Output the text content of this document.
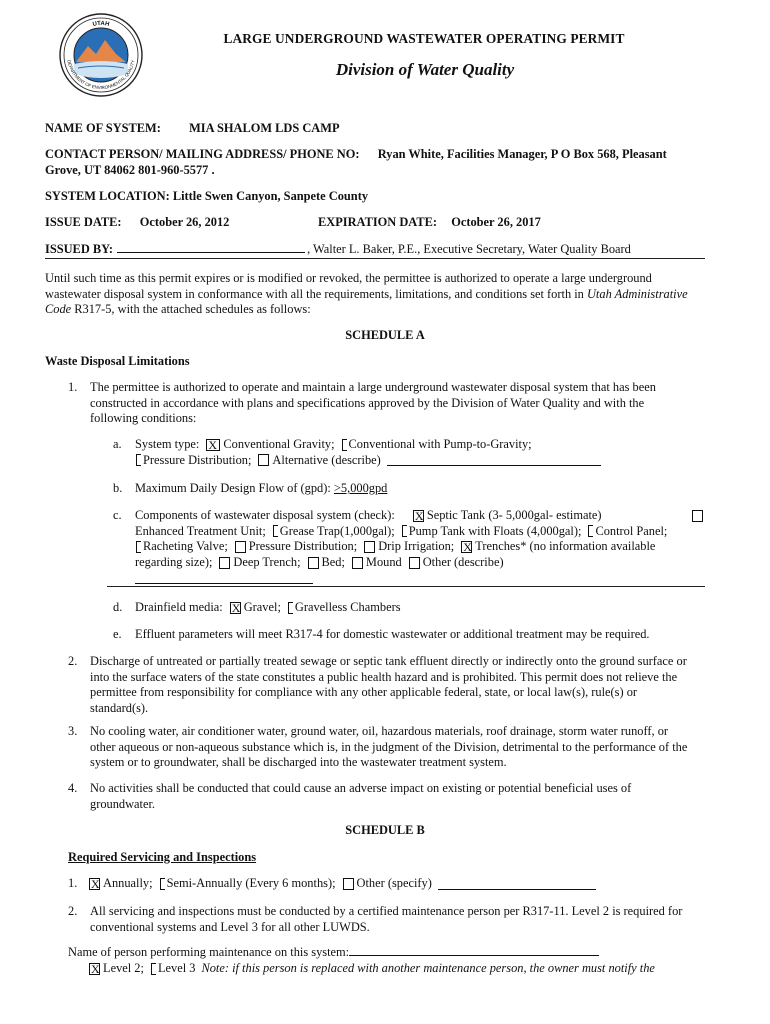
UTAH
DEPARTMENT OF ENVIRONMENTAL QUALITY
LARGE UNDERGROUND WASTEWATER OPERATING PERMIT
Division of Water Quality
NAME OF SYSTEM: MIA SHALOM LDS CAMP
CONTACT PERSON/ MAILING ADDRESS/ PHONE NO: Ryan White, Facilities Manager, P O Box 568, Pleasant
Grove, UT 84062 801-960-5577 .
SYSTEM LOCATION: Little Swen Canyon, Sanpete County
ISSUE DATE: October 26, 2012	EXPIRATION DATE: October 26, 2017
ISSUED BY:	, Walter L. Baker, P.E., Executive Secretary, Water Quality Board
Until such time as this permit expires or is modified or revoked, the permittee is authorized to operate a large underground
wastewater disposal system in conformance with all the requirements, limitations, and conditions set forth in Utah Administrative
Code R317-5, with the attached schedules as follows:
SCHEDULE A
Waste Disposal Limitations
1. The permittee is authorized to operate and maintain a large underground wastewater disposal system that has been
constructed in accordance with plans and specifications approved by the Division of Water Quality and with the
following conditions:
a. System type: X Conventional Gravity; Conventional with Pump-to-Gravity;
Pressure Distribution; Alternative (describe)
b. Maximum Daily Design Flow of (gpd): >5,000gpd
c. Components of wastewater disposal system (check): X	Septic Tank (3- 5,000gal- estimate)
Enhanced Treatment Unit; Grease Trap(1,000gal); Pump Tank with Floats (4,000gal); Control Panel;
Racheting Valve; Pressure Distribution; Drip Irrigation; X Trenches* (no information available
regarding size); Deep Trench; Bed; Mound Other (describe)
d. Drainfield media: X Gravel; Gravelless Chambers
e. Effluent parameters will meet R317-4 for domestic wastewater or additional treatment may be required.
2. Discharge of untreated or partially treated sewage or septic tank effluent directly or indirectly onto the ground surface or
into the surface waters of the state constitutes a public health hazard and is prohibited. This permit does not relieve the
permittee from responsibility for compliance with any other applicable federal, state, or local law(s), rule(s) or
standard(s).
3. No cooling water, air conditioner water, ground water, oil, hazardous materials, roof drainage, storm water runoff, or
other aqueous or non-aqueous substance which is, in the judgment of the Division, detrimental to the performance of the
system or to groundwater, shall be discharged into the wastewater treatment system.
4. No activities shall be conducted that could cause an adverse impact on existing or potential beneficial uses of
groundwater.
SCHEDULE B
Required Servicing and Inspections
1. X Annually; Semi-Annually (Every 6 months); Other (specify)
2. All servicing and inspections must be conducted by a certified maintenance person per R317-11. Level 2 is required for
conventional systems and Level 3 for all other LUWDS.
Name of person performing maintenance on this system:
X
Level 2; Level 3 Note: if this person is replaced with another maintenance person, the owner must notify the
